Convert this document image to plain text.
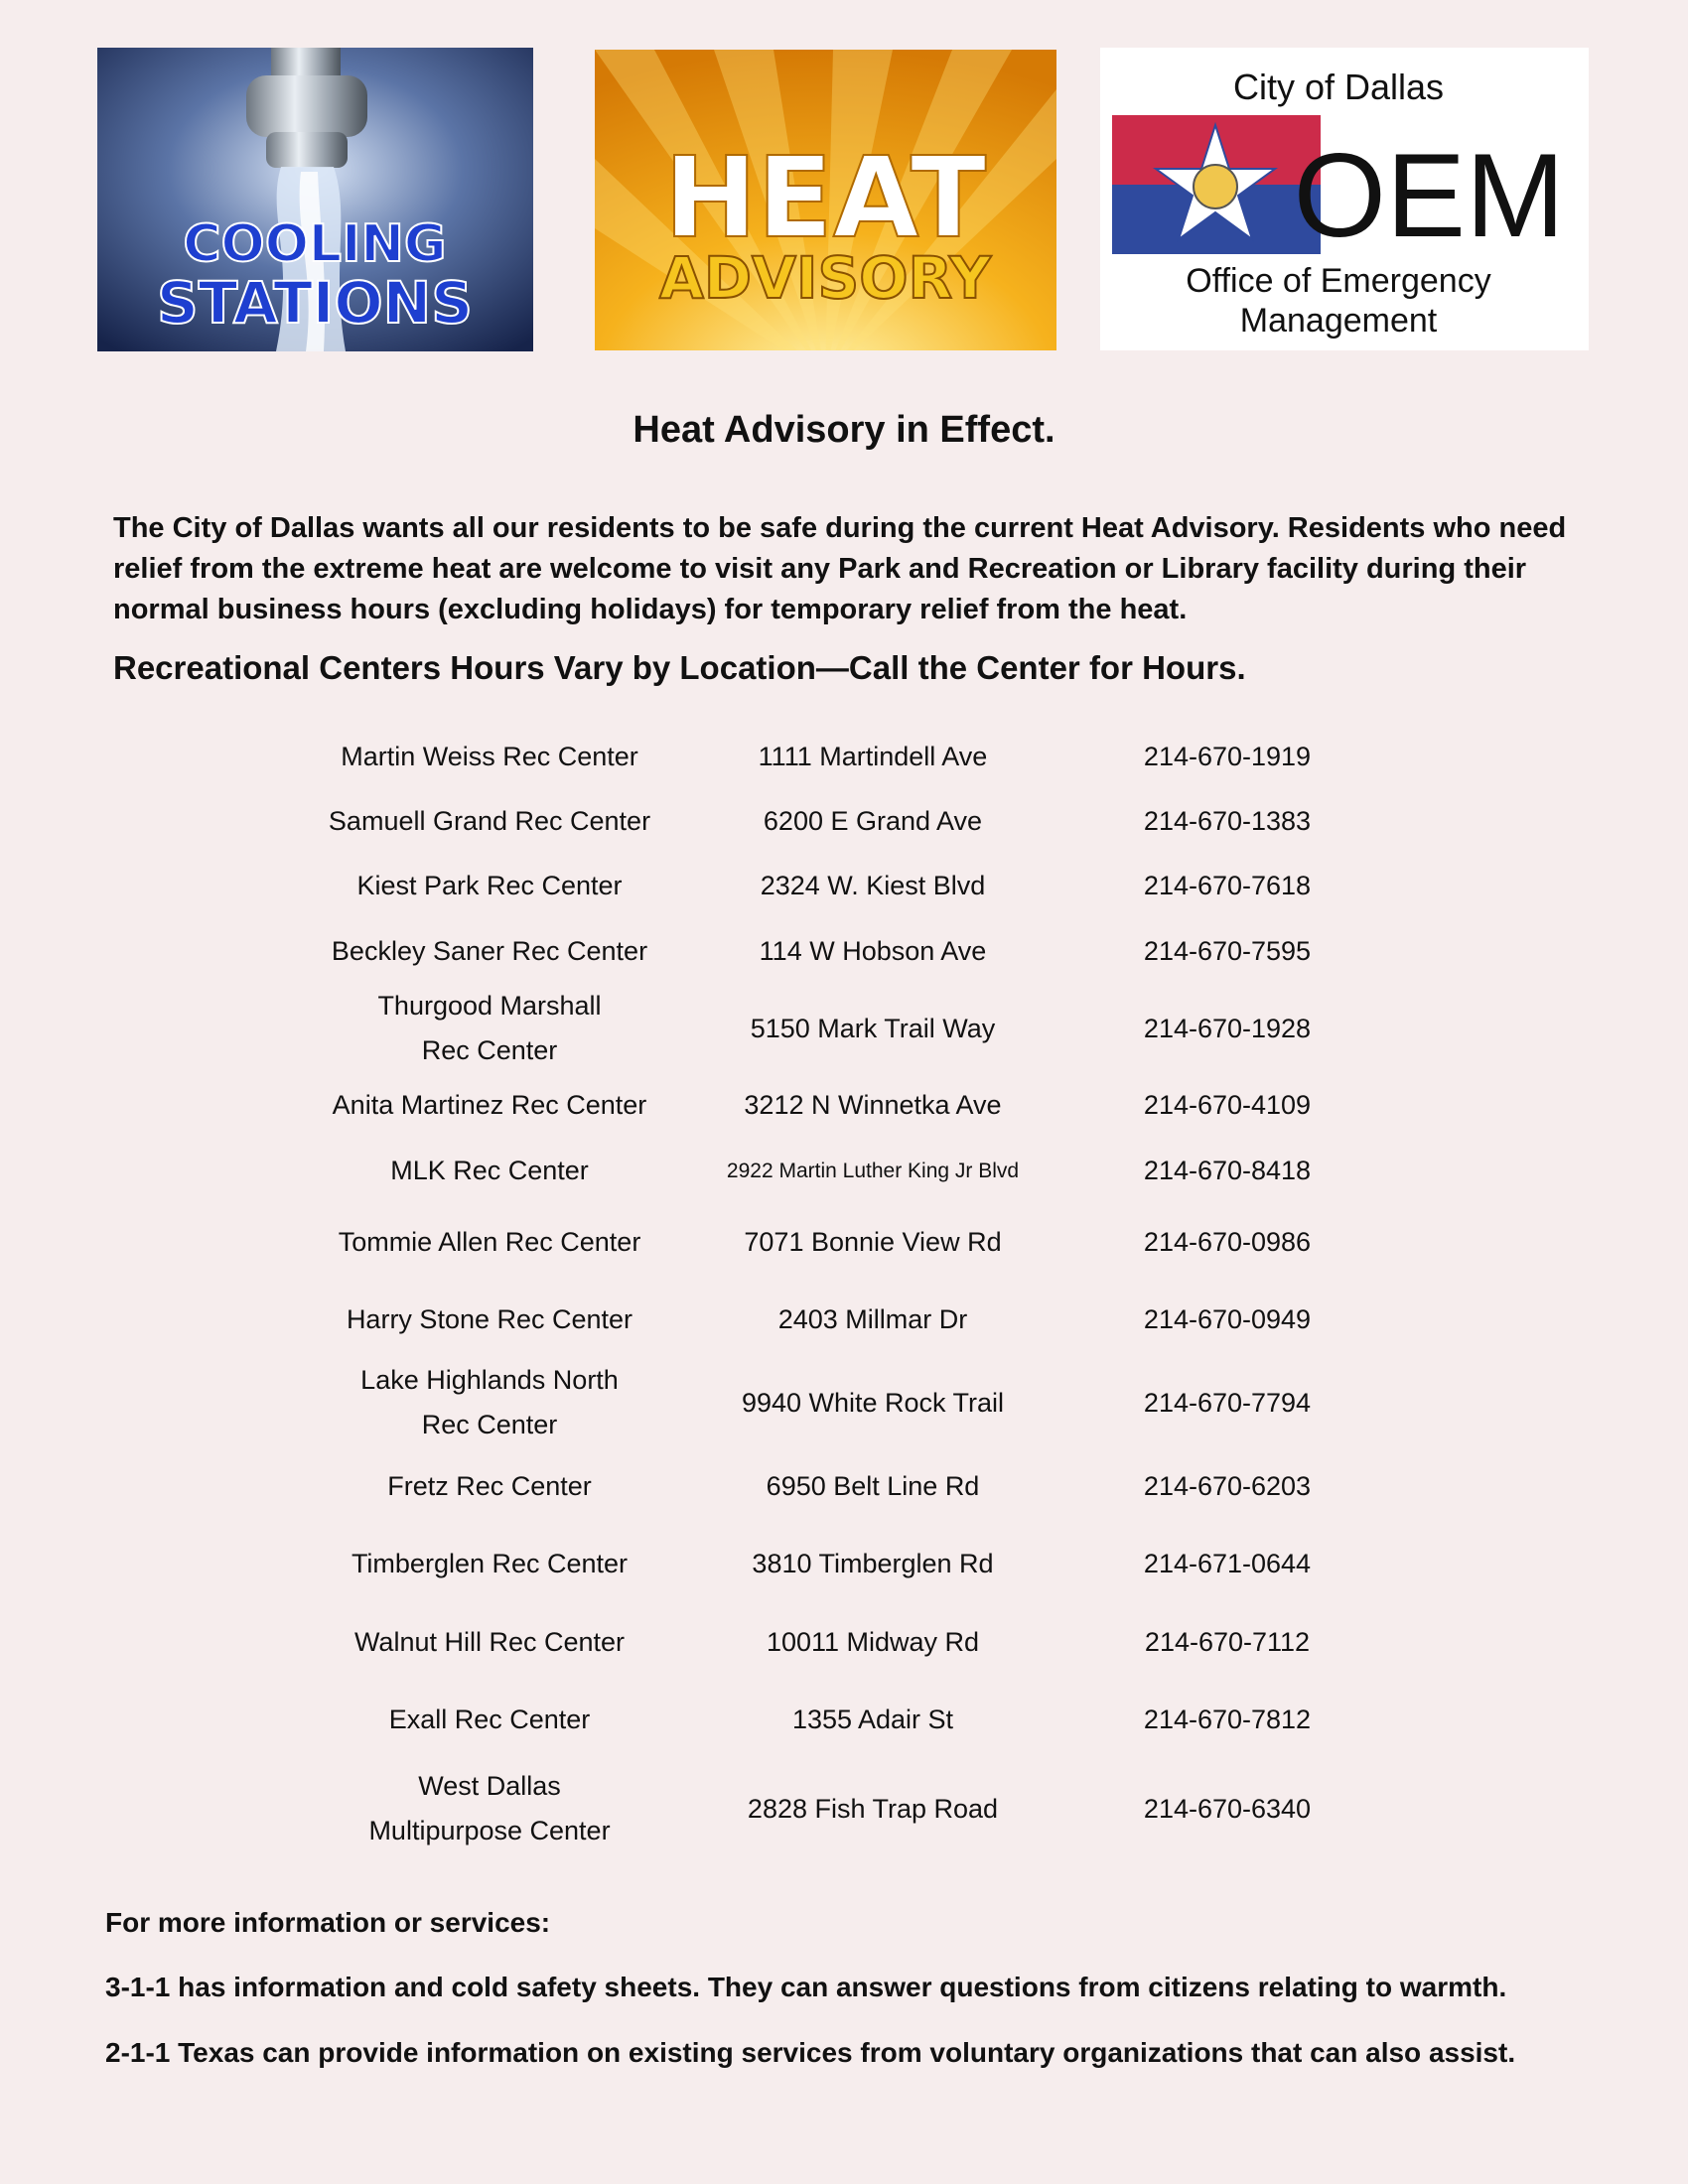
COOLING
STATIONS
HEAT
ADVISORY
City of Dallas
OEM
Office of Emergency
Management
Heat Advisory in Effect.
The City of Dallas wants all our residents to be safe during the current Heat Advisory. Residents who need relief from the extreme heat are welcome to visit any Park and Recreation or Library facility during their normal business hours (excluding holidays) for temporary relief from the heat.
Recreational Centers Hours Vary by Location—Call the Center for Hours.
Martin Weiss Rec Center	1111 Martindell Ave	214-670-1919
Samuell Grand Rec Center	6200 E Grand Ave	214-670-1383
Kiest Park Rec Center	2324 W. Kiest Blvd	214-670-7618
Beckley Saner Rec Center	114 W Hobson Ave	214-670-7595

Thurgood Marshall
Rec Center	5150 Mark Trail Way	214-670-1928
Anita Martinez Rec Center	3212 N Winnetka Ave	214-670-4109
MLK Rec Center	2922 Martin Luther King Jr Blvd	214-670-8418
Tommie Allen Rec Center	7071 Bonnie View Rd	214-670-0986
Harry Stone Rec Center	2403 Millmar Dr	214-670-0949

Lake Highlands North
Rec Center	9940 White Rock Trail	214-670-7794
Fretz Rec Center	6950 Belt Line Rd	214-670-6203
Timberglen Rec Center	3810 Timberglen Rd	214-671-0644
Walnut Hill Rec Center	10011 Midway Rd	214-670-7112
Exall Rec Center	1355 Adair St	214-670-7812

West Dallas
Multipurpose Center	2828 Fish Trap Road	214-670-6340
For more information or services:
3-1-1 has information and cold safety sheets. They can answer questions from citizens relating to warmth.
2-1-1 Texas can provide information on existing services from voluntary organizations that can also assist.
